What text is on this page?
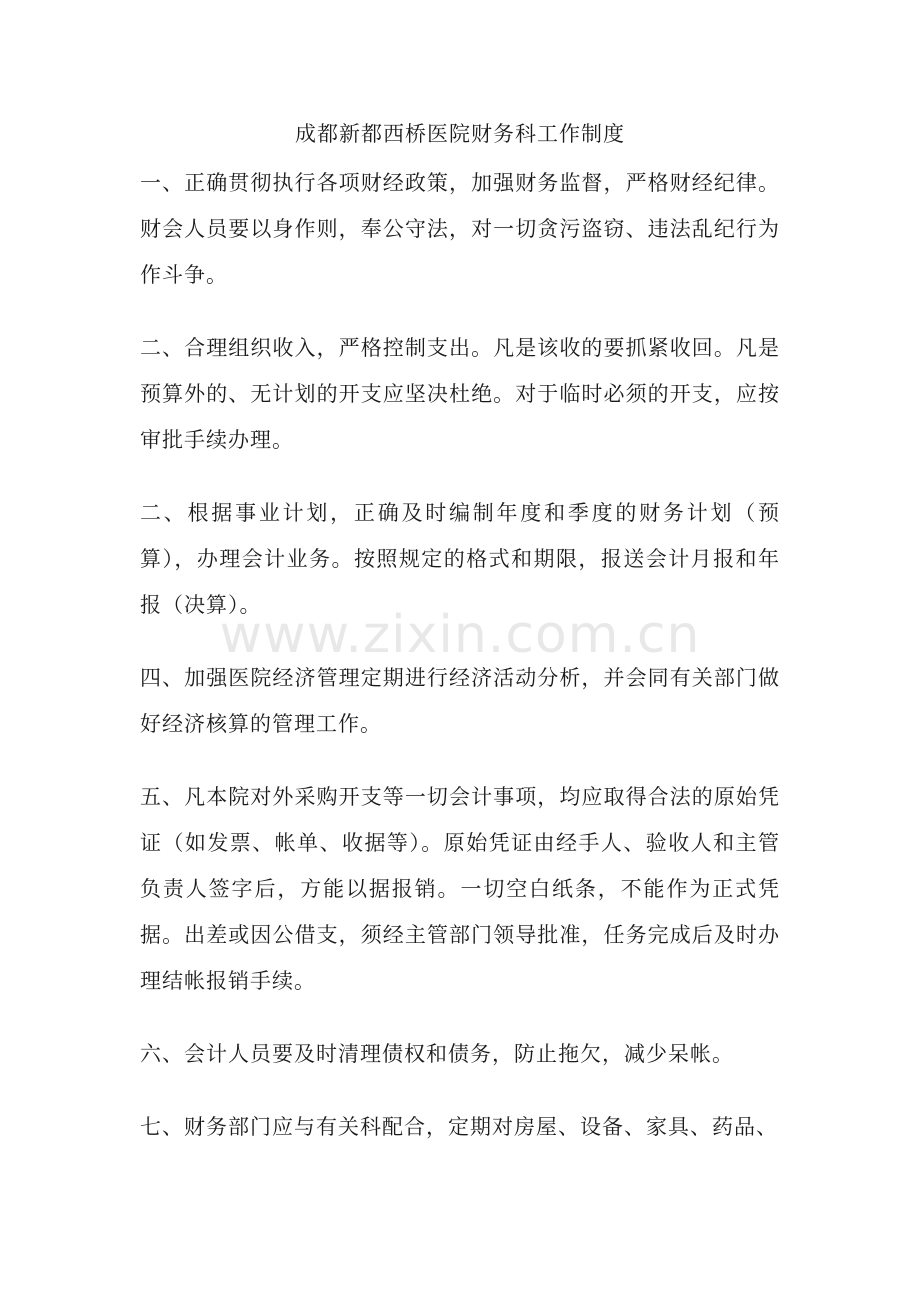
成都新都西桥医院财务科工作制度

一、正确贯彻执行各项财经政策，加强财务监督，严格财经纪律。财会人员要以身作则，奉公守法，对一切贪污盗窃、违法乱纪行为作斗争。

二、合理组织收入，严格控制支出。凡是该收的要抓紧收回。凡是预算外的、无计划的开支应坚决杜绝。对于临时必须的开支，应按审批手续办理。

二、根据事业计划，正确及时编制年度和季度的财务计划（预算），办理会计业务。按照规定的格式和期限，报送会计月报和年报（决算）。

四、加强医院经济管理定期进行经济活动分析，并会同有关部门做好经济核算的管理工作。

五、凡本院对外采购开支等一切会计事项，均应取得合法的原始凭证（如发票、帐单、收据等）。原始凭证由经手人、验收人和主管负责人签字后，方能以据报销。一切空白纸条，不能作为正式凭据。出差或因公借支，须经主管部门领导批准，任务完成后及时办理结帐报销手续。

六、会计人员要及时清理债权和债务，防止拖欠，减少呆帐。

七、财务部门应与有关科配合，定期对房屋、设备、家具、药品、

www.zixin.com.cn
